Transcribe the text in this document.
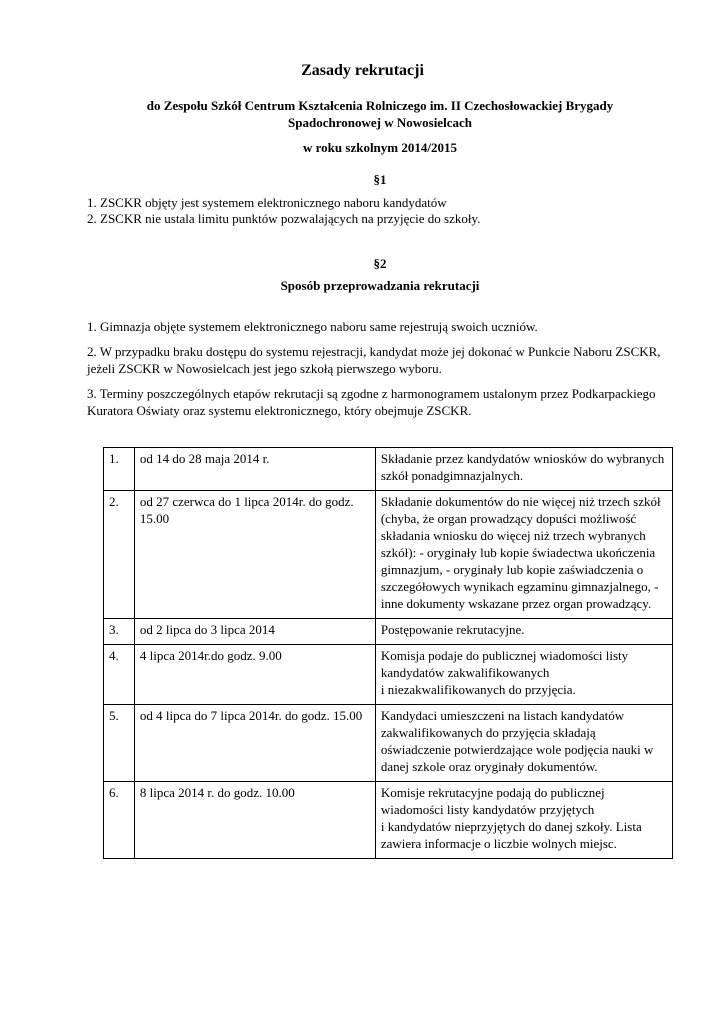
Zasady rekrutacji
do Zespołu Szkół Centrum Kształcenia Rolniczego im. II Czechosłowackiej Brygady
Spadochronowej w Nowosielcach
w roku szkolnym 2014/2015
§1
1. ZSCKR objęty jest systemem elektronicznego naboru kandydatów
2. ZSCKR nie ustala limitu punktów pozwalających na przyjęcie do szkoły.
§2
Sposób przeprowadzania rekrutacji
1. Gimnazja objęte systemem elektronicznego naboru same rejestrują swoich uczniów.
2. W przypadku braku dostępu do systemu rejestracji, kandydat może jej dokonać w Punkcie Naboru ZSCKR, jeżeli ZSCKR w Nowosielcach jest jego szkołą pierwszego wyboru.
3. Terminy poszczególnych etapów rekrutacji są zgodne z harmonogramem ustalonym przez Podkarpackiego Kuratora Oświaty oraz systemu elektronicznego, który obejmuje ZSCKR.
1.	od 14 do 28 maja 2014 r.	Składanie przez kandydatów wniosków do wybranych szkół ponadgimnazjalnych.
2.	od 27 czerwca do 1 lipca 2014r. do godz. 15.00	Składanie dokumentów do nie więcej niż trzech szkół (chyba, że organ prowadzący dopuści możliwość składania wniosku do więcej niż trzech wybranych szkół): - oryginały lub kopie świadectwa ukończenia gimnazjum, - oryginały lub kopie zaświadczenia o szczegółowych wynikach egzaminu gimnazjalnego, - inne dokumenty wskazane przez organ prowadzący.
3.	od 2 lipca do 3 lipca 2014	Postępowanie rekrutacyjne.
4.	4 lipca 2014r.do godz. 9.00	Komisja podaje do publicznej wiadomości listy kandydatów zakwalifikowanych
i niezakwalifikowanych do przyjęcia.

5.	od 4 lipca do 7 lipca 2014r. do godz. 15.00	Kandydaci umieszczeni na listach kandydatów zakwalifikowanych do przyjęcia składają oświadczenie potwierdzające wole podjęcia nauki w danej szkole oraz oryginały dokumentów.
6.	8 lipca 2014 r. do godz. 10.00	Komisje rekrutacyjne podają do publicznej wiadomości listy kandydatów przyjętych
i kandydatów nieprzyjętych do danej szkoły. Lista zawiera informacje o liczbie wolnych miejsc.
